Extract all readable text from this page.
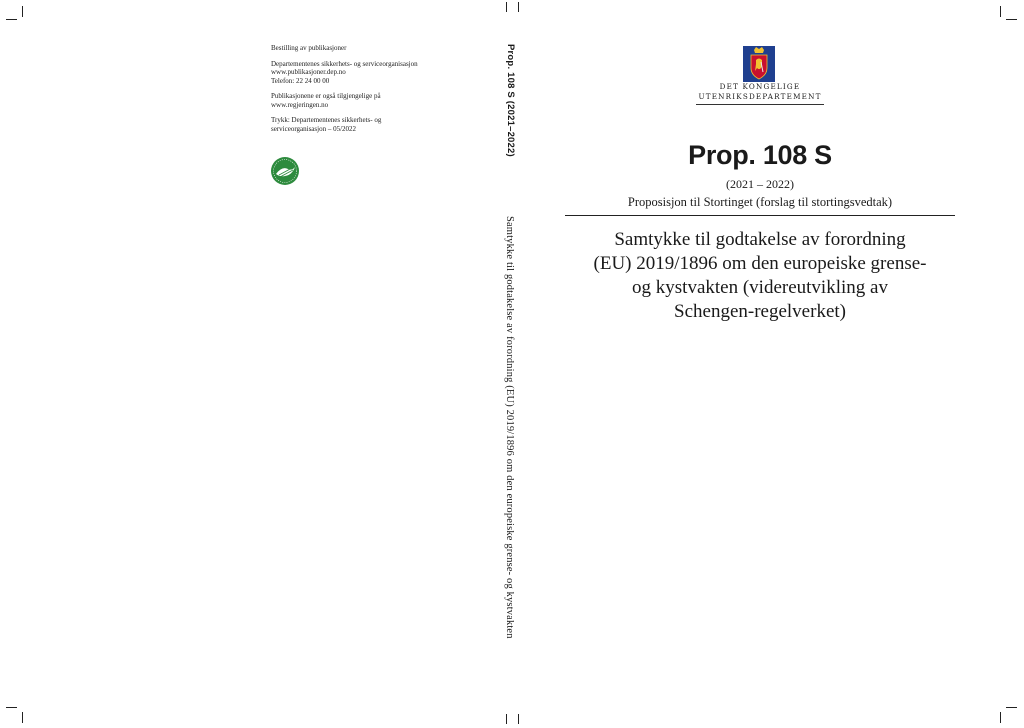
Bestilling av publikasjoner

Departementenes sikkerhets- og serviceorganisasjon
www.publikasjoner.dep.no
Telefon: 22 24 00 00

Publikasjonene er også tilgjengelige på
www.regjeringen.no

Trykk: Departementenes sikkerhets- og
serviceorganisasjon – 05/2022	Prop. 108 S (2021–2022)
Samtykke til godtakelse av forordning (EU) 2019/1896 om den europeiske grense- og kystvakten
DET KONGELIGE
UTENRIKSDEPARTEMENT
Prop. 108 S
(2021 – 2022)
Proposisjon til Stortinget (forslag til stortingsvedtak)
Samtykke til godtakelse av forordning
(EU) 2019/1896 om den europeiske grense-
og kystvakten (videreutvikling av
Schengen-regelverket)
